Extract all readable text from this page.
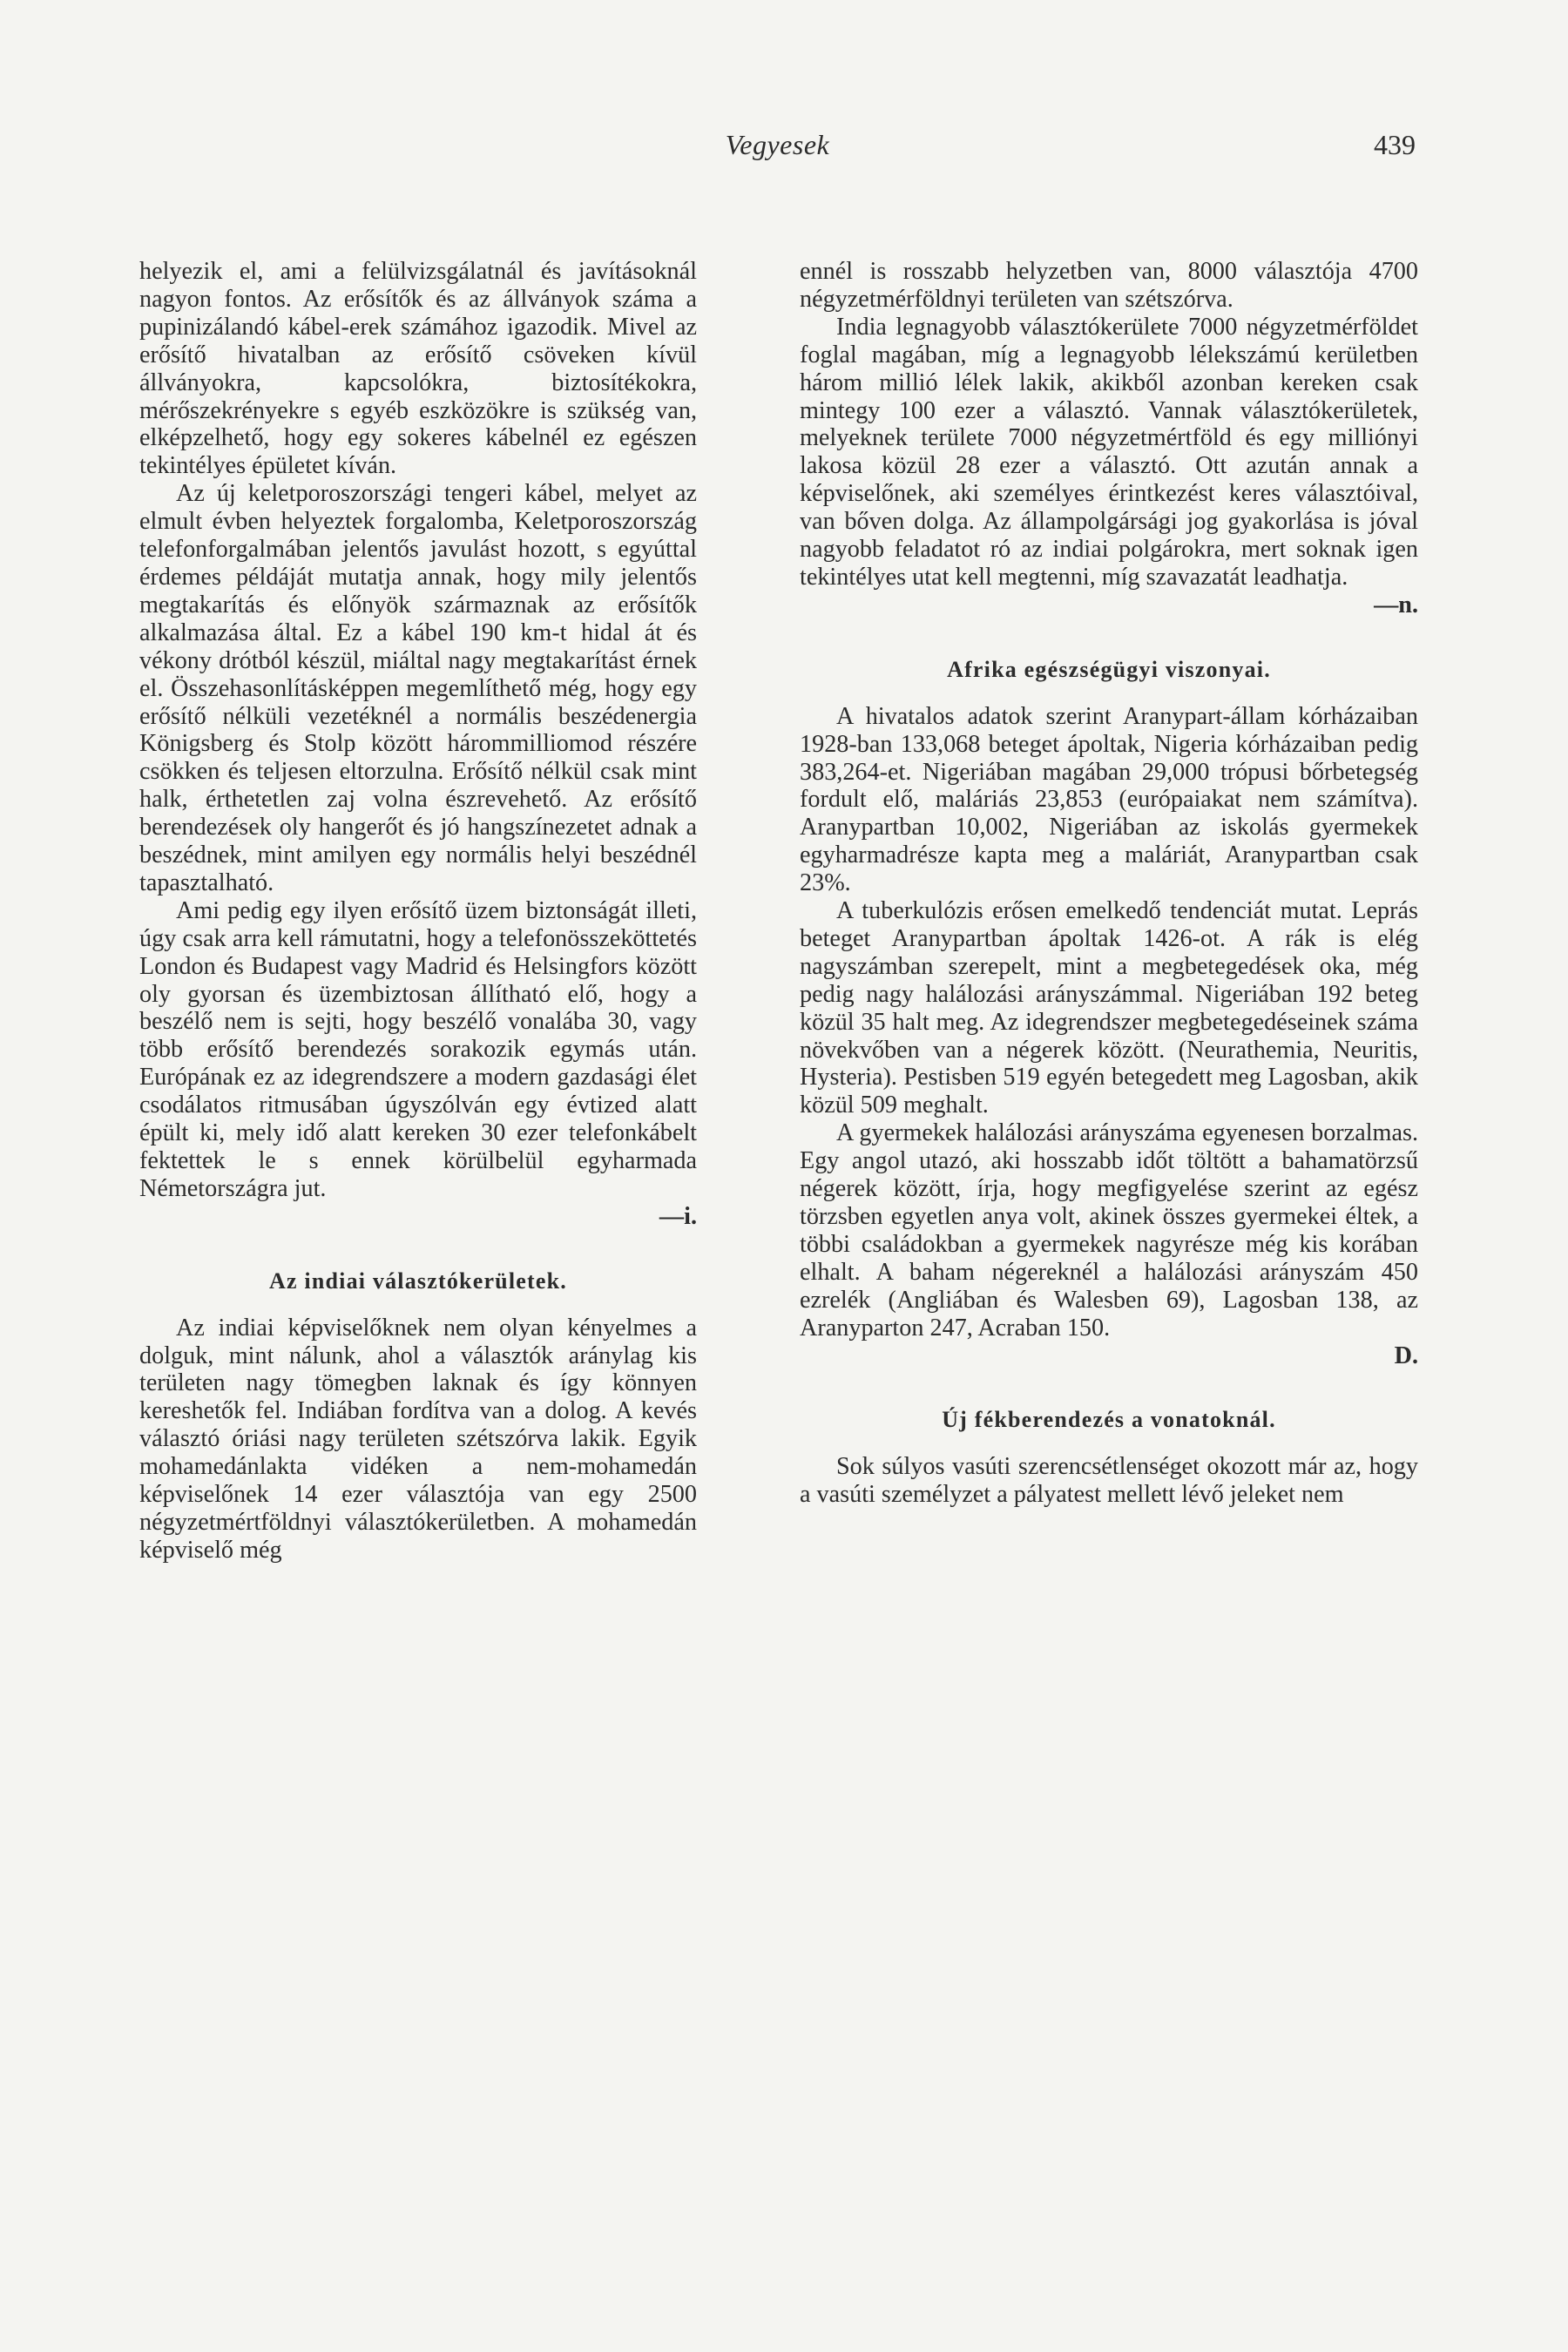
Vegyesek	439

helyezik el, ami a felülvizsgálatnál és javításoknál nagyon fontos. Az erősítők és az állványok száma a pupinizálandó kábel-erek számához igazodik. Mivel az erősítő hivatalban az erősítő csöveken kívül állványokra, kapcsolókra, biztosítékokra, mérőszekrényekre s egyéb eszközökre is szükség van, elképzelhető, hogy egy sokeres kábelnél ez egészen tekintélyes épületet kíván.

Az új keletporoszországi tengeri kábel, melyet az elmult évben helyeztek forgalomba, Keletporoszország telefonforgalmában jelentős javulást hozott, s egyúttal érdemes példáját mutatja annak, hogy mily jelentős megtakarítás és előnyök származnak az erősítők alkalmazása által. Ez a kábel 190 km-t hidal át és vékony drótból készül, miáltal nagy megtakarítást érnek el. Összehasonlításképpen megemlíthető még, hogy egy erősítő nélküli vezetéknél a normális beszédenergia Königsberg és Stolp között hárommilliomod részére csökken és teljesen eltorzulna. Erősítő nélkül csak mint halk, érthetetlen zaj volna észrevehető. Az erősítő berendezések oly hangerőt és jó hangszínezetet adnak a beszédnek, mint amilyen egy normális helyi beszédnél tapasztalható.

Ami pedig egy ilyen erősítő üzem biztonságát illeti, úgy csak arra kell rámutatni, hogy a telefonösszeköttetés London és Budapest vagy Madrid és Helsingfors között oly gyorsan és üzembiztosan állítható elő, hogy a beszélő nem is sejti, hogy beszélő vonalába 30, vagy több erősítő berendezés sorakozik egymás után. Európának ez az idegrendszere a modern gazdasági élet csodálatos ritmusában úgyszólván egy évtized alatt épült ki, mely idő alatt kereken 30 ezer telefonkábelt fektettek le s ennek körülbelül egyharmada Németországra jut.

—i.

Az indiai választókerületek.

Az indiai képviselőknek nem olyan kényelmes a dolguk, mint nálunk, ahol a választók aránylag kis területen nagy tömegben laknak és így könnyen kereshetők fel. Indiában fordítva van a dolog. A kevés választó óriási nagy területen szétszórva lakik. Egyik mohamedánlakta vidéken a nem-mohamedán képviselőnek 14 ezer választója van egy 2500 négyzetmértföldnyi választókerületben. A mohamedán képviselő még

ennél is rosszabb helyzetben van, 8000 választója 4700 négyzetmérföldnyi területen van szétszórva.

India legnagyobb választókerülete 7000 négyzetmérföldet foglal magában, míg a legnagyobb lélekszámú kerületben három millió lélek lakik, akikből azonban kereken csak mintegy 100 ezer a választó. Vannak választókerületek, melyeknek területe 7000 négyzetmértföld és egy milliónyi lakosa közül 28 ezer a választó. Ott azután annak a képviselőnek, aki személyes érintkezést keres választóival, van bőven dolga. Az állampolgársági jog gyakorlása is jóval nagyobb feladatot ró az indiai polgárokra, mert soknak igen tekintélyes utat kell megtenni, míg szavazatát leadhatja.

—n.

Afrika egészségügyi viszonyai.

A hivatalos adatok szerint Aranypart-állam kórházaiban 1928-ban 133,068 beteget ápoltak, Nigeria kórházaiban pedig 383,264-et. Nigeriában magában 29,000 trópusi bőrbetegség fordult elő, maláriás 23,853 (európaiakat nem számítva). Aranypartban 10,002, Nigeriában az iskolás gyermekek egyharmadrésze kapta meg a maláriát, Aranypartban csak 23%.

A tuberkulózis erősen emelkedő tendenciát mutat. Leprás beteget Aranypartban ápoltak 1426-ot. A rák is elég nagyszámban szerepelt, mint a megbetegedések oka, még pedig nagy halálozási arányszámmal. Nigeriában 192 beteg közül 35 halt meg. Az idegrendszer megbetegedéseinek száma növekvőben van a négerek között. (Neurathemia, Neuritis, Hysteria). Pestisben 519 egyén betegedett meg Lagosban, akik közül 509 meghalt.

A gyermekek halálozási arányszáma egyenesen borzalmas. Egy angol utazó, aki hosszabb időt töltött a bahamatörzsű négerek között, írja, hogy megfigyelése szerint az egész törzsben egyetlen anya volt, akinek összes gyermekei éltek, a többi családokban a gyermekek nagyrésze még kis korában elhalt. A baham négereknél a halálozási arányszám 450 ezrelék (Angliában és Walesben 69), Lagosban 138, az Aranyparton 247, Acraban 150.

D.

Új fékberendezés a vonatoknál.

Sok súlyos vasúti szerencsétlenséget okozott már az, hogy a vasúti személyzet a pályatest mellett lévő jeleket nem
